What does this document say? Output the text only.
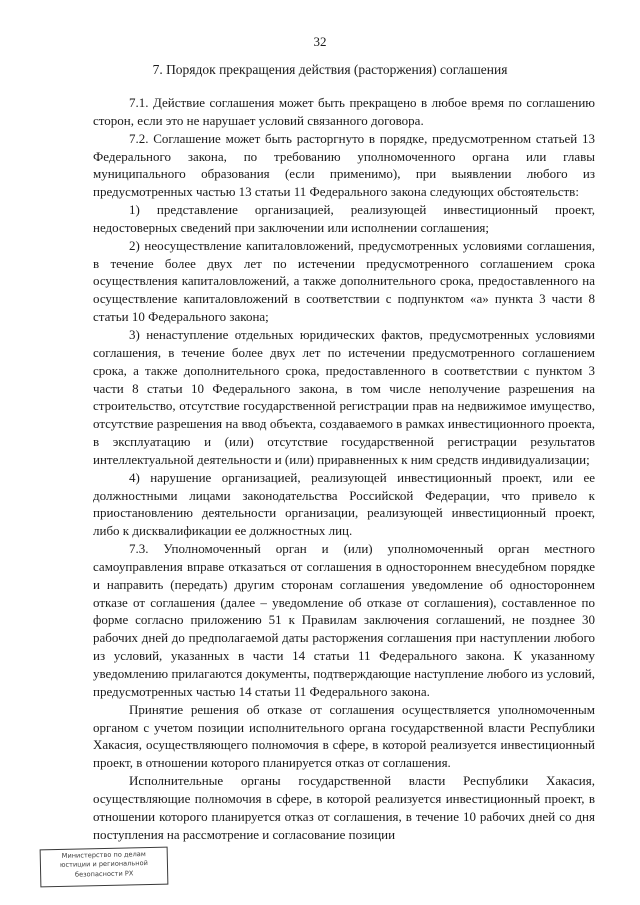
32
7. Порядок прекращения действия (расторжения) соглашения

7.1. Действие соглашения может быть прекращено в любое время по соглашению сторон, если это не нарушает условий связанного договора.

7.2. Соглашение может быть расторгнуто в порядке, предусмотренном статьей 13 Федерального закона, по требованию уполномоченного органа или главы муниципального образования (если применимо), при выявлении любого из предусмотренных частью 13 статьи 11 Федерального закона следующих обстоятельств:

1) представление организацией, реализующей инвестиционный проект, недостоверных сведений при заключении или исполнении соглашения;

2) неосуществление капиталовложений, предусмотренных условиями соглашения, в течение более двух лет по истечении предусмотренного соглашением срока осуществления капиталовложений, а также дополнительного срока, предоставленного на осуществление капиталовложений в соответствии с подпунктом «а» пункта 3 части 8 статьи 10 Федерального закона;

3) ненаступление отдельных юридических фактов, предусмотренных условиями соглашения, в течение более двух лет по истечении предусмотренного соглашением срока, а также дополнительного срока, предоставленного в соответствии с пунктом 3 части 8 статьи 10 Федерального закона, в том числе неполучение разрешения на строительство, отсутствие государственной регистрации прав на недвижимое имущество, отсутствие разрешения на ввод объекта, создаваемого в рамках инвестиционного проекта, в эксплуатацию и (или) отсутствие государственной регистрации результатов интеллектуальной деятельности и (или) приравненных к ним средств индивидуализации;

4) нарушение организацией, реализующей инвестиционный проект, или ее должностными лицами законодательства Российской Федерации, что привело к приостановлению деятельности организации, реализующей инвестиционный проект, либо к дисквалификации ее должностных лиц.

7.3. Уполномоченный орган и (или) уполномоченный орган местного самоуправления вправе отказаться от соглашения в одностороннем внесудебном порядке и направить (передать) другим сторонам соглашения уведомление об одностороннем отказе от соглашения (далее – уведомление об отказе от соглашения), составленное по форме согласно приложению 51 к Правилам заключения соглашений, не позднее 30 рабочих дней до предполагаемой даты расторжения соглашения при наступлении любого из условий, указанных в части 14 статьи 11 Федерального закона. К указанному уведомлению прилагаются документы, подтверждающие наступление любого из условий, предусмотренных частью 14 статьи 11 Федерального закона.

Принятие решения об отказе от соглашения осуществляется уполномоченным органом с учетом позиции исполнительного органа государственной власти Республики Хакасия, осуществляющего полномочия в сфере, в которой реализуется инвестиционный проект, в отношении которого планируется отказ от соглашения.

Исполнительные органы государственной власти Республики Хакасия, осуществляющие полномочия в сфере, в которой реализуется инвестиционный проект, в отношении которого планируется отказ от соглашения, в течение 10 рабочих дней со дня поступления на рассмотрение и согласование позиции

Министерство по делам
юстиции и региональной
безопасности РХ
